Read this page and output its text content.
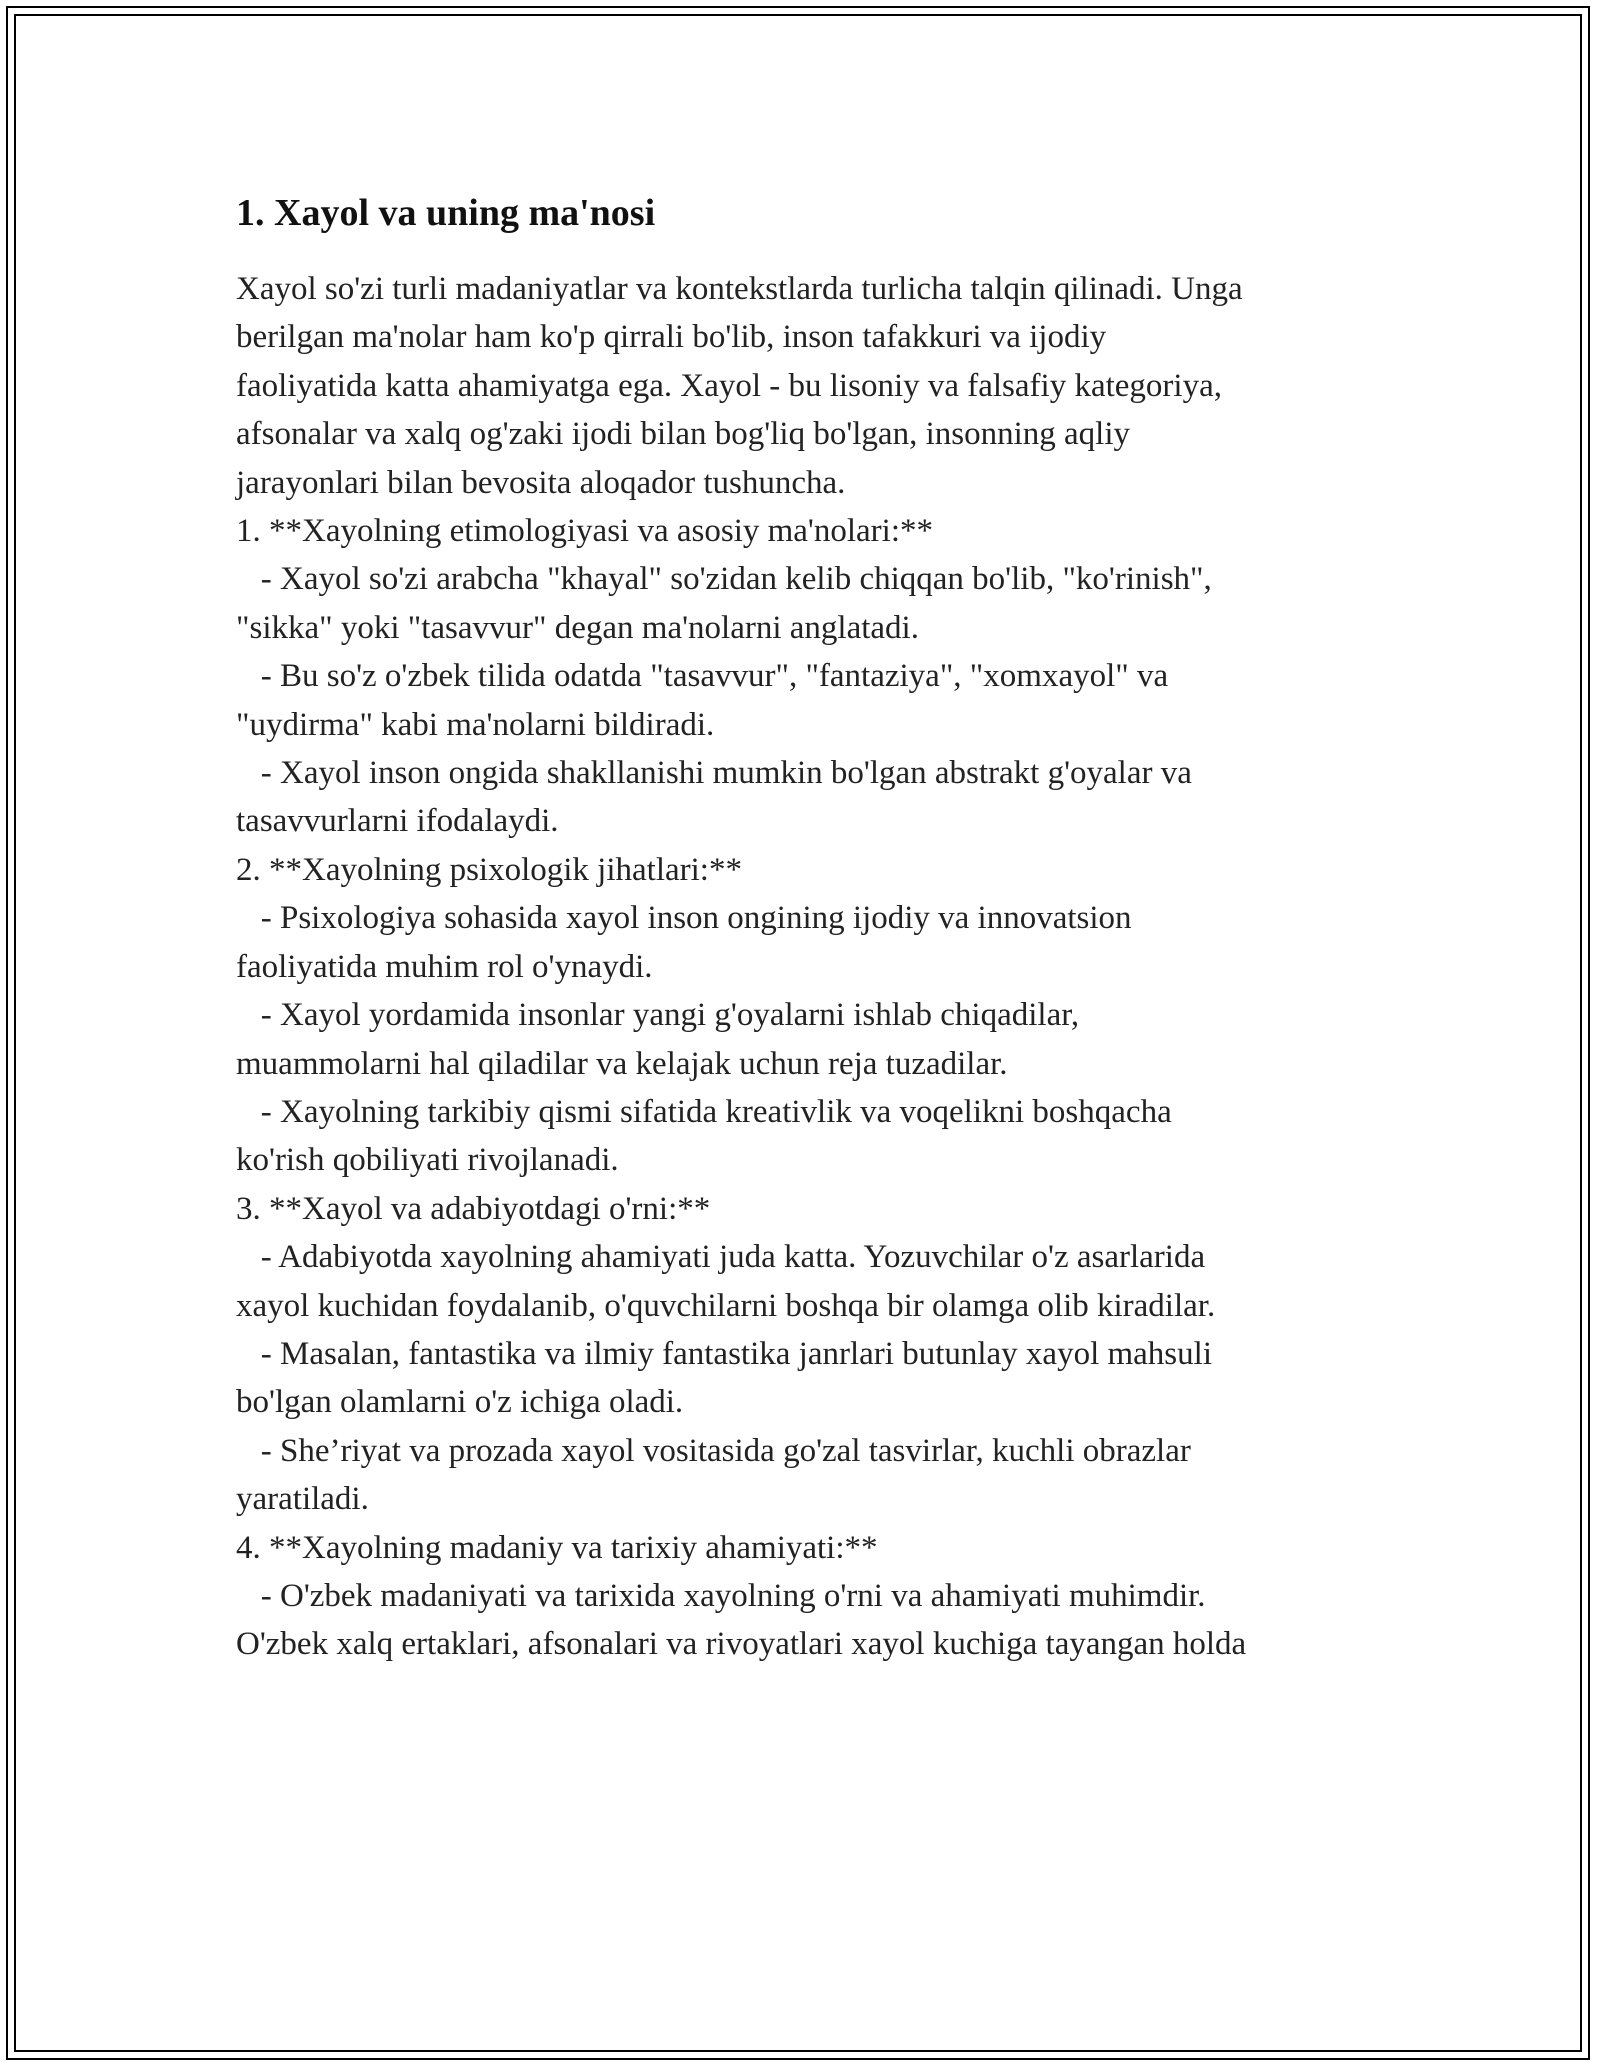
1. Xayol va uning ma'nosi

Xayol so'zi turli madaniyatlar va kontekstlarda turlicha talqin qilinadi. Unga
berilgan ma'nolar ham ko'p qirrali bo'lib, inson tafakkuri va ijodiy
faoliyatida katta ahamiyatga ega. Xayol - bu lisoniy va falsafiy kategoriya,
afsonalar va xalq og'zaki ijodi bilan bog'liq bo'lgan, insonning aqliy
jarayonlari bilan bevosita aloqador tushuncha.

1. **Xayolning etimologiyasi va asosiy ma'nolari:**
- Xayol so'zi arabcha "khayal" so'zidan kelib chiqqan bo'lib, "ko'rinish",
"sikka" yoki "tasavvur" degan ma'nolarni anglatadi.
- Bu so'z o'zbek tilida odatda "tasavvur", "fantaziya", "xomxayol" va
"uydirma" kabi ma'nolarni bildiradi.
- Xayol inson ongida shakllanishi mumkin bo'lgan abstrakt g'oyalar va
tasavvurlarni ifodalaydi.

2. **Xayolning psixologik jihatlari:**
- Psixologiya sohasida xayol inson ongining ijodiy va innovatsion
faoliyatida muhim rol o'ynaydi.
- Xayol yordamida insonlar yangi g'oyalarni ishlab chiqadilar,
muammolarni hal qiladilar va kelajak uchun reja tuzadilar.
- Xayolning tarkibiy qismi sifatida kreativlik va voqelikni boshqacha
ko'rish qobiliyati rivojlanadi.

3. **Xayol va adabiyotdagi o'rni:**
- Adabiyotda xayolning ahamiyati juda katta. Yozuvchilar o'z asarlarida
xayol kuchidan foydalanib, o'quvchilarni boshqa bir olamga olib kiradilar.
- Masalan, fantastika va ilmiy fantastika janrlari butunlay xayol mahsuli
bo'lgan olamlarni o'z ichiga oladi.
- She’riyat va prozada xayol vositasida go'zal tasvirlar, kuchli obrazlar
yaratiladi.

4. **Xayolning madaniy va tarixiy ahamiyati:**
- O'zbek madaniyati va tarixida xayolning o'rni va ahamiyati muhimdir.
O'zbek xalq ertaklari, afsonalari va rivoyatlari xayol kuchiga tayangan holda
